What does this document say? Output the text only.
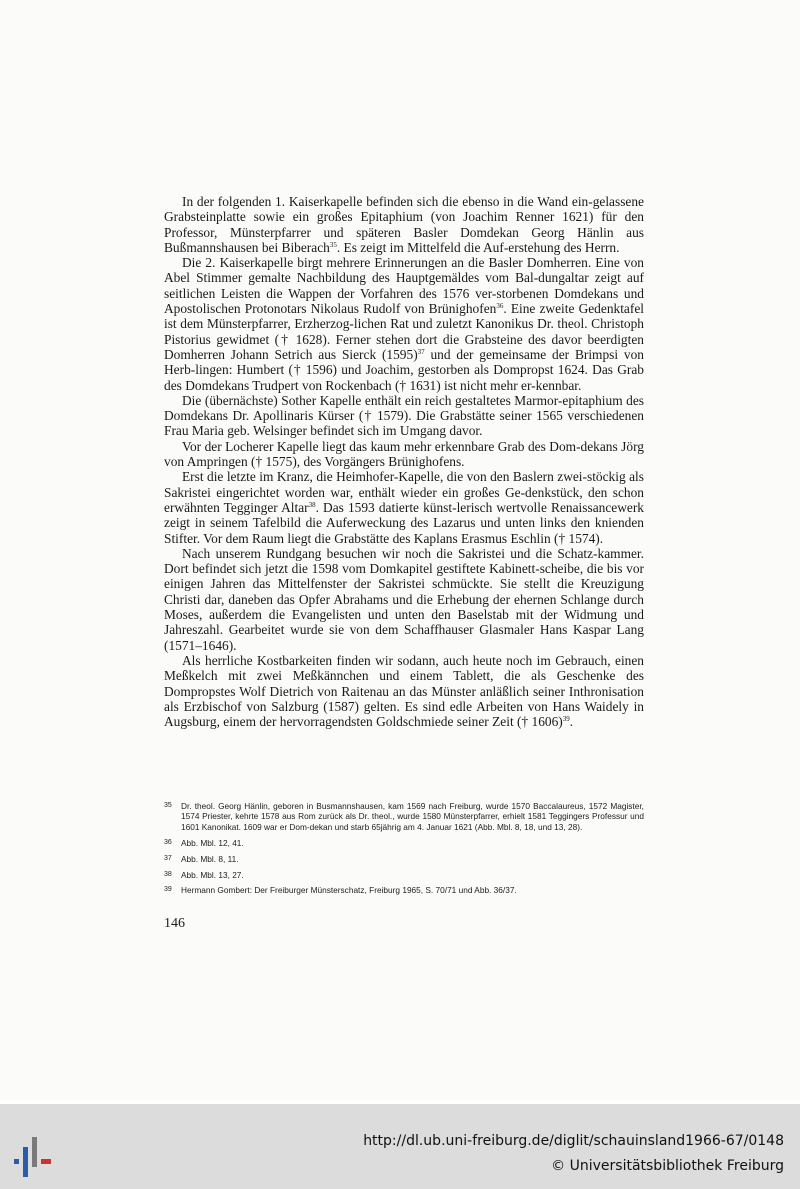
In der folgenden 1. Kaiserkapelle befinden sich die ebenso in die Wand ein-gelassene Grabsteinplatte sowie ein großes Epitaphium (von Joachim Renner 1621) für den Professor, Münsterpfarrer und späteren Basler Domdekan Georg Hänlin aus Bußmannshausen bei Biberach$^{35}$. Es zeigt im Mittelfeld die Auf-erstehung des Herrn.

Die 2. Kaiserkapelle birgt mehrere Erinnerungen an die Basler Domherren. Eine von Abel Stimmer gemalte Nachbildung des Hauptgemäldes vom Bal-dungaltar zeigt auf seitlichen Leisten die Wappen der Vorfahren des 1576 ver-storbenen Domdekans und Apostolischen Protonotars Nikolaus Rudolf von Brünighofen$^{36}$. Eine zweite Gedenktafel ist dem Münsterpfarrer, Erzherzog-lichen Rat und zuletzt Kanonikus Dr. theol. Christoph Pistorius gewidmet († 1628). Ferner stehen dort die Grabsteine des davor beerdigten Domherren Johann Setrich aus Sierck $(1595)^{37}$ und der gemeinsame der Brimpsi von Herb-lingen: Humbert († 1596) und Joachim, gestorben als Dompropst 1624. Das Grab des Domdekans Trudpert von Rockenbach († 1631) ist nicht mehr er-kennbar.

Die (übernächste) Sother Kapelle enthält ein reich gestaltetes Marmor-epitaphium des Domdekans Dr. Apollinaris Kürser († 1579). Die Grabstätte seiner 1565 verschiedenen Frau Maria geb. Welsinger befindet sich im Umgang davor.

Vor der Locherer Kapelle liegt das kaum mehr erkennbare Grab des Dom-dekans Jörg von Ampringen († 1575), des Vorgängers Brünighofens.

Erst die letzte im Kranz, die Heimhofer-Kapelle, die von den Baslern zwei-stöckig als Sakristei eingerichtet worden war, enthält wieder ein großes Ge-denkstück, den schon erwähnten Tegginger Altar$^{38}$. Das 1593 datierte künst-lerisch wertvolle Renaissancewerk zeigt in seinem Tafelbild die Auferweckung des Lazarus und unten links den knienden Stifter. Vor dem Raum liegt die Grabstätte des Kaplans Erasmus Eschlin († 1574).

Nach unserem Rundgang besuchen wir noch die Sakristei und die Schatz-kammer. Dort befindet sich jetzt die 1598 vom Domkapitel gestiftete Kabinett-scheibe, die bis vor einigen Jahren das Mittelfenster der Sakristei schmückte. Sie stellt die Kreuzigung Christi dar, daneben das Opfer Abrahams und die Erhebung der ehernen Schlange durch Moses, außerdem die Evangelisten und unten den Baselstab mit der Widmung und Jahreszahl. Gearbeitet wurde sie von dem Schaffhauser Glasmaler Hans Kaspar Lang (1571–1646).

Als herrliche Kostbarkeiten finden wir sodann, auch heute noch im Gebrauch, einen Meßkelch mit zwei Meßkännchen und einem Tablett, die als Geschenke des Dompropstes Wolf Dietrich von Raitenau an das Münster anläßlich seiner Inthronisation als Erzbischof von Salzburg (1587) gelten. Es sind edle Arbeiten von Hans Waidely in Augsburg, einem der hervorragendsten Goldschmiede seiner Zeit († 1606)$^{39}$.

35	Dr. theol. Georg Hänlin, geboren in Busmannshausen, kam 1569 nach Freiburg, wurde 1570 Baccalaureus, 1572 Magister, 1574 Priester, kehrte 1578 aus Rom zurück als Dr. theol., wurde 1580 Münsterpfarrer, erhielt 1581 Teggingers Professur und 1601 Kanonikat. 1609 war er Dom-dekan und starb 65jährig am 4. Januar 1621 (Abb. Mbl. 8, 18, und 13, 28).
36	Abb. Mbl. 12, 41.
37	Abb. Mbl. 8, 11.
38	Abb. Mbl. 13, 27.
39	Hermann Gombert: Der Freiburger Münsterschatz, Freiburg 1965, S. 70/71 und Abb. 36/37.
146
http://dl.ub.uni-freiburg.de/diglit/schauinsland1966-67/0148
© Universitätsbibliothek Freiburg
